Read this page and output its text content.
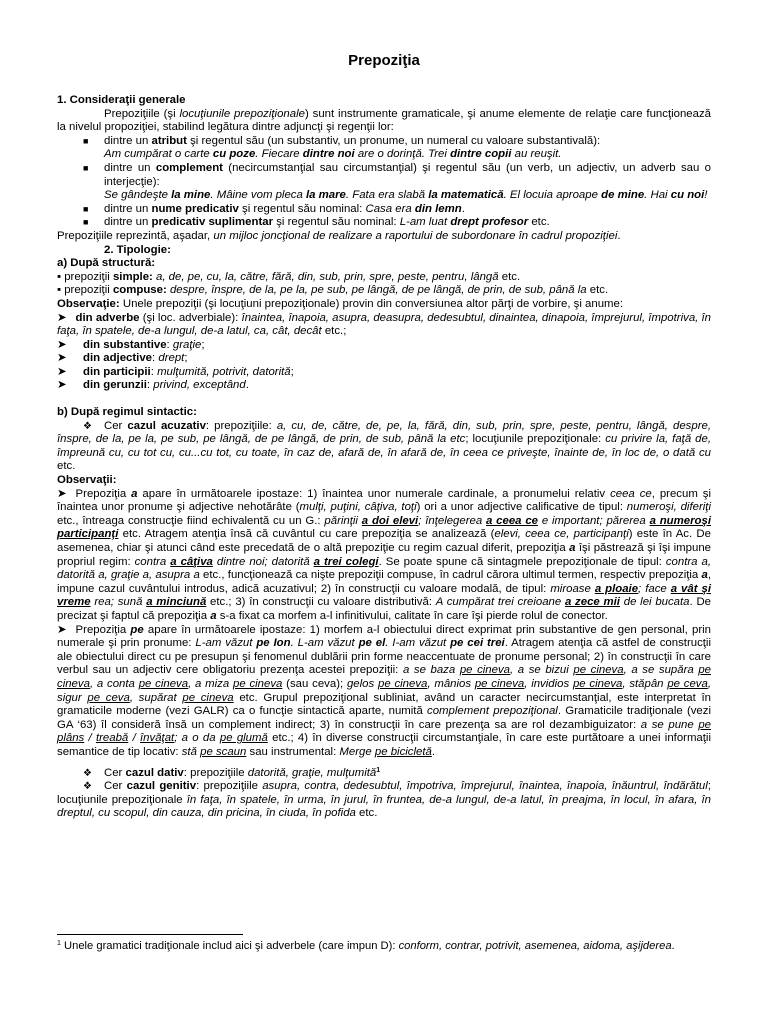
Prepoziţia

1. Consideraţii generale

Prepoziţiile (şi locuţiunile prepoziţionale) sunt instrumente gramaticale, şi anume elemente de relaţie care funcţionează la nivelul propoziţiei, stabilind legătura dintre adjuncţi şi regenţii lor:

■ dintre un atribut şi regentul său (un substantiv, un pronume, un numeral cu valoare substantivală):
Am cumpărat o carte cu poze. Fiecare dintre noi are o dorinţă. Trei dintre copii au reuşit.
■ dintre un complement (necircumstanţial sau circumstanţial) şi regentul său (un verb, un adjectiv, un adverb sau o interjecţie):
Se gândeşte la mine. Mâine vom pleca la mare. Fata era slabă la matematică. El locuia aproape de mine. Hai cu noi!
■ dintre un nume predicativ şi regentul său nominal: Casa era din lemn.
■ dintre un predicativ suplimentar şi regentul său nominal: L-am luat drept profesor etc.

Prepoziţiile reprezintă, aşadar, un mijloc joncţional de realizare a raportului de subordonare în cadrul propoziţiei.

2. Tipologie:

a) După structură:

▪ prepoziţii simple: a, de, pe, cu, la, către, fără, din, sub, prin, spre, peste, pentru, lângă etc.

▪ prepoziţii compuse: despre, înspre, de la, pe la, pe sub, pe lângă, de pe lângă, de prin, de sub, până la etc.

Observaţie: Unele prepoziţii (şi locuţiuni prepoziţionale) provin din conversiunea altor părţi de vorbire, şi anume:

➤ din adverbe (şi loc. adverbiale): înaintea, înapoia, asupra, deasupra, dedesubtul, dinaintea, dinapoia, împrejurul, împotriva, în faţa, în spatele, de-a lungul, de-a latul, ca, cât, decât etc.;

➤ din substantive: graţie;

➤ din adjective: drept;

➤ din participii: mulţumită, potrivit, datorită;

➤ din gerunzii: privind, exceptând.

b) După regimul sintactic:

❖ Cer cazul acuzativ: prepoziţiile: a, cu, de, către, de, pe, la, fără, din, sub, prin, spre, peste, pentru, lângă, despre, înspre, de la, pe la, pe sub, pe lângă, de pe lângă, de prin, de sub, până la etc; locuţiunile prepoziţionale: cu privire la, faţă de, împreună cu, cu tot cu, cu...cu tot, cu toate, în caz de, afară de, în afară de, în ceea ce priveşte, înainte de, în loc de, o dată cu etc.

Observaţii:

➤ Prepoziţia a apare în următoarele ipostaze: 1) înaintea unor numerale cardinale, a pronumelui relativ ceea ce, precum şi înaintea unor pronume şi adjective nehotărâte (mulţi, puţini, câţiva, toţi) ori a unor adjective calificative de tipul: numeroşi, diferiţi etc., întreaga construcţie fiind echivalentă cu un G.: părinţii a doi elevi; înţelegerea a ceea ce e important; părerea a numeroşi participanţi etc. Atragem atenţia însă că cuvântul cu care prepoziţia se analizează (elevi, ceea ce, participanţi) este în Ac. De asemenea, chiar şi atunci când este precedată de o altă prepoziţie cu regim cazual diferit, prepoziţia a îşi păstrează şi îşi impune propriul regim: contra a câţiva dintre noi; datorită a trei colegi. Se poate spune că sintagmele prepoziţionale de tipul: contra a, datorită a, graţie a, asupra a etc., funcţionează ca nişte prepoziţii compuse, în cadrul cărora ultimul termen, respectiv prepoziţia a, impune cazul cuvântului introdus, adică acuzativul; 2) în construcţii cu valoare modală, de tipul: miroase a ploaie; face a vât şi vreme rea; sună a minciună etc.; 3) în construcţii cu valoare distributivă: A cumpărat trei creioane a zece mii de lei bucata. De precizat şi faptul că prepoziţia a s-a fixat ca morfem a-l infinitivului, calitate în care îşi pierde rolul de conector.

➤ Prepoziţia pe apare în următoarele ipostaze: 1) morfem a-l obiectului direct exprimat prin substantive de gen personal, prin numerale şi prin pronume: L-am văzut pe Ion. L-am văzut pe el. I-am văzut pe cei trei. Atragem atenţia că astfel de construcţii ale obiectului direct cu pe presupun şi fenomenul dublării prin forme neaccentuate de pronume personal; 2) în construcţii în care verbul sau un adjectiv cere obligatoriu prezenţa acestei prepoziţii: a se baza pe cineva, a se bizui pe cineva, a se supăra pe cineva, a conta pe cineva, a miza pe cineva (sau ceva); gelos pe cineva, mânios pe cineva, invidios pe cineva, stăpân pe ceva, sigur pe ceva, supărat pe cineva etc. Grupul prepoziţional subliniat, având un caracter necircumstanţial, este interpretat în gramaticile moderne (vezi GALR) ca o funcţie sintactică aparte, numită complement prepoziţional. Gramaticile tradiţionale (vezi GA ‘63) îl consideră însă un complement indirect; 3) în construcţii în care prezenţa sa are rol dezambiguizator: a se pune pe plâns / treabă / învăţat; a o da pe glumă etc.; 4) în diverse construcţii circumstanţiale, în care este purtătoare a unei informaţii semantice de tip locativ: stă pe scaun sau instrumental: Merge pe bicicletă.

❖ Cer cazul dativ: prepoziţiile datorită, graţie, mulţumită$^1$

❖ Cer cazul genitiv: prepoziţiile asupra, contra, dedesubtul, împotriva, împrejurul, înaintea, înapoia, înăuntrul, îndărătul; locuţiunile prepoziţionale în faţa, în spatele, în urma, în jurul, în fruntea, de-a lungul, de-a latul, în preajma, în locul, în afara, în dreptul, cu scopul, din cauza, din pricina, în ciuda, în pofida etc.

$^1$ Unele gramatici tradiţionale includ aici şi adverbele (care impun D): conform, contrar, potrivit, asemenea, aidoma, aşijderea.
